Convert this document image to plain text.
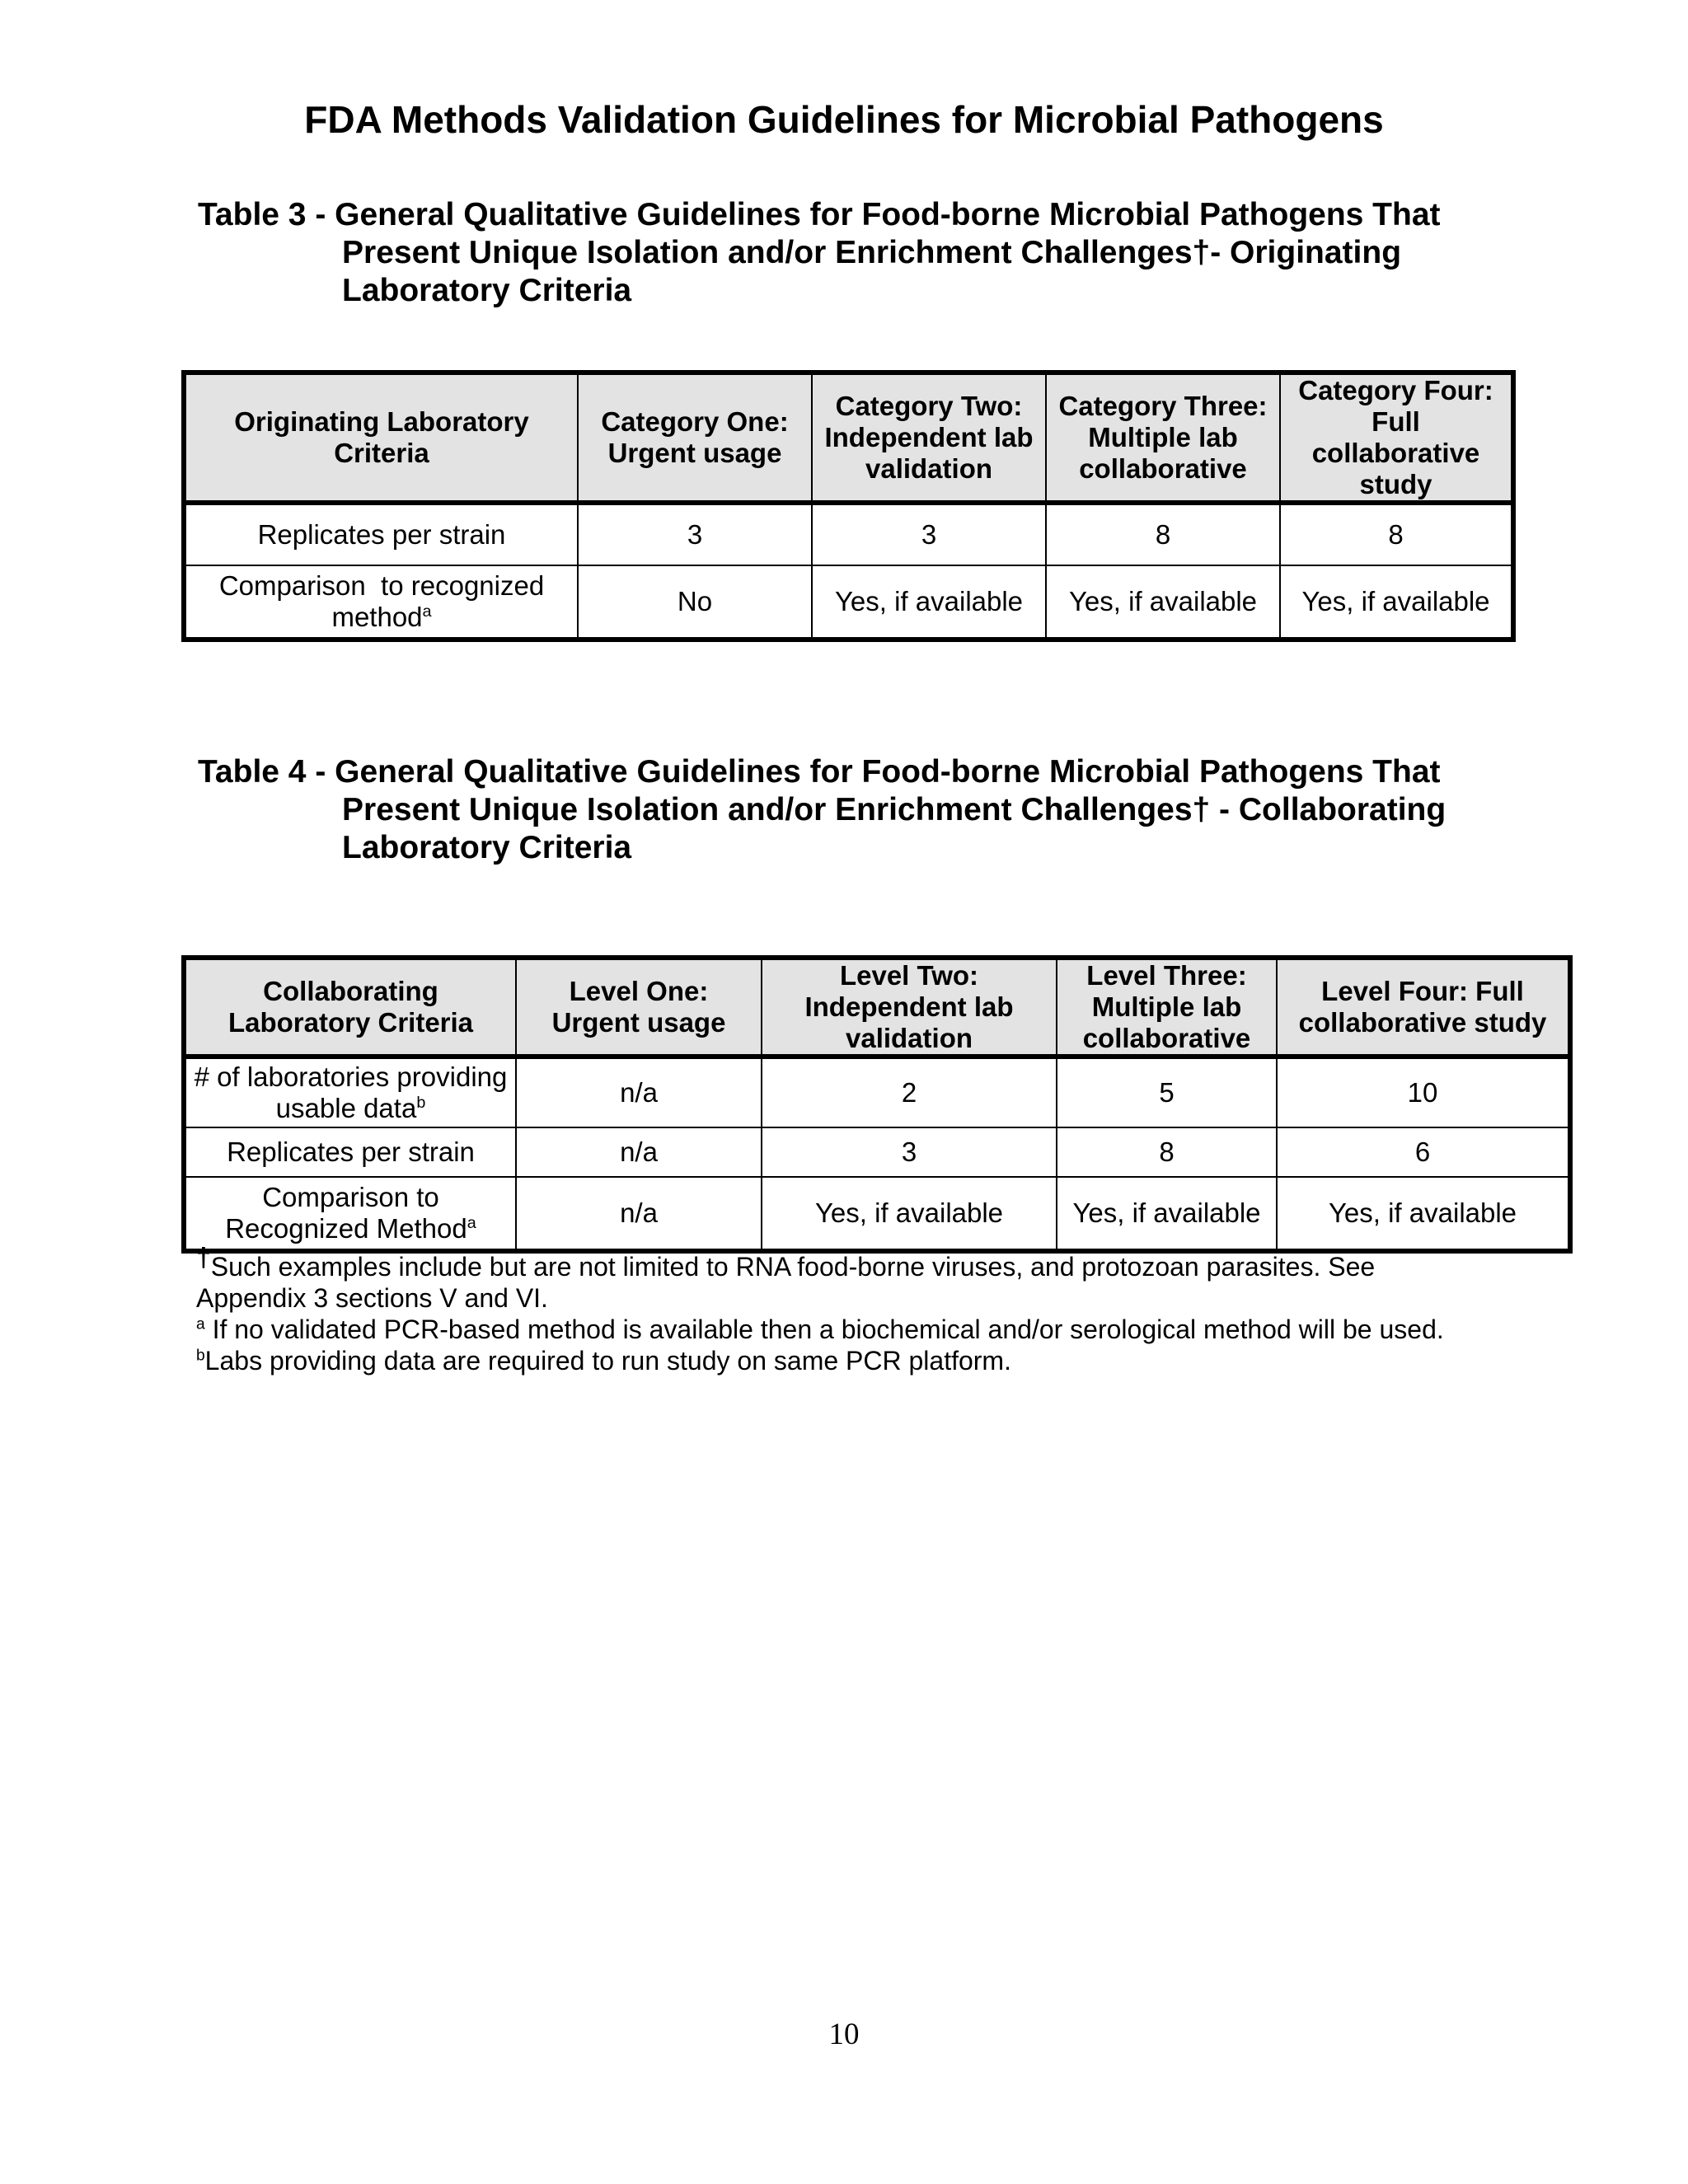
FDA Methods Validation Guidelines for Microbial Pathogens
Table 3 - General Qualitative Guidelines for Food-borne Microbial Pathogens That
Present Unique Isolation and/or Enrichment Challenges†- Originating
Laboratory Criteria
Originating Laboratory Criteria	Category One: Urgent usage	Category Two: Independent lab validation	Category Three: Multiple lab collaborative	Category Four: Full collaborative study
Replicates per strain	3	3	8	8
Comparison  to recognized method$^a$	No	Yes, if available	Yes, if available	Yes, if available
Table 4 - General Qualitative Guidelines for Food-borne Microbial Pathogens That
Present Unique Isolation and/or Enrichment Challenges† - Collaborating
Laboratory Criteria
Collaborating Laboratory Criteria	Level One: Urgent usage	Level Two: Independent lab validation	Level Three: Multiple lab collaborative	Level Four: Full collaborative study
# of laboratories providing usable data$^b$	n/a	2	5	10
Replicates per strain	n/a	3	8	6
Comparison to Recognized Method$^a$	n/a	Yes, if available	Yes, if available	Yes, if available

†Such examples include but are not limited to RNA food-borne viruses, and protozoan parasites. See Appendix 3 sections V and VI.

$^a$ If no validated PCR-based method is available then a biochemical and/or serological method will be used.

$^b$Labs providing data are required to run study on same PCR platform.

10
